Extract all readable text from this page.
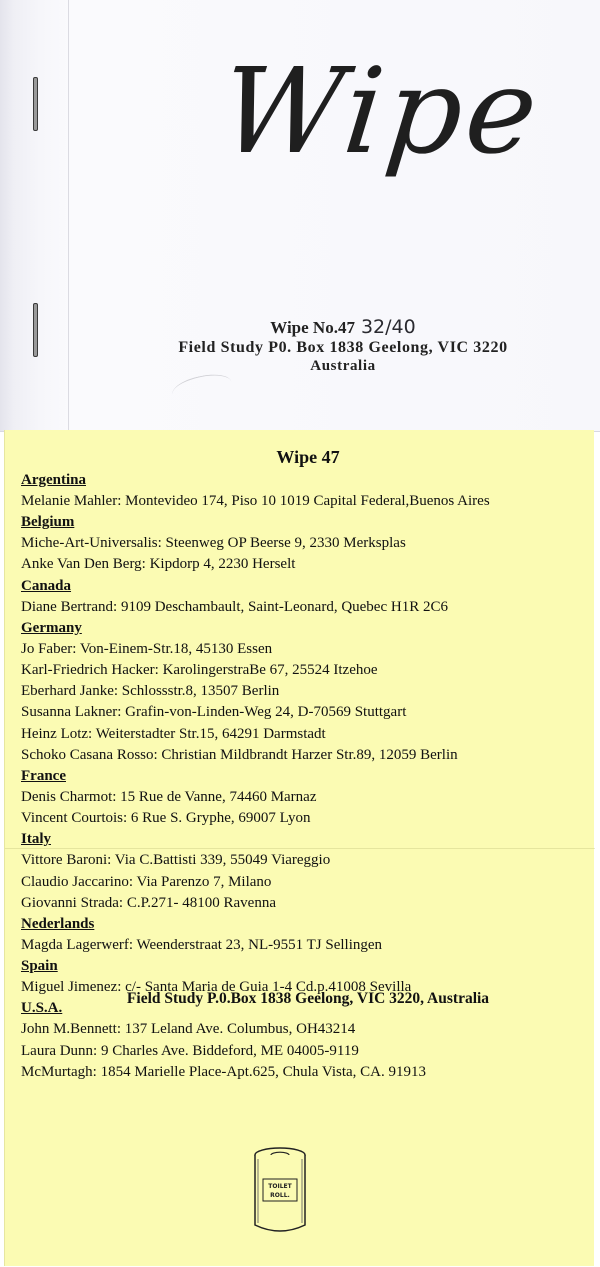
Wipe
Wipe No.47 32/40
Field Study P0. Box 1838 Geelong, VIC 3220
Australia
Wipe 47
Argentina
Melanie Mahler: Montevideo 174, Piso 10 1019 Capital Federal,Buenos Aires
Belgium
Miche-Art-Universalis: Steenweg OP Beerse 9, 2330 Merksplas
Anke Van Den Berg: Kipdorp 4, 2230 Herselt
Canada
Diane Bertrand: 9109 Deschambault, Saint-Leonard, Quebec H1R 2C6
Germany
Jo Faber: Von-Einem-Str.18, 45130 Essen
Karl-Friedrich Hacker: KarolingerstraBe 67, 25524 Itzehoe
Eberhard Janke: Schlossstr.8, 13507 Berlin
Susanna Lakner: Grafin-von-Linden-Weg 24, D-70569 Stuttgart
Heinz Lotz: Weiterstadter Str.15, 64291 Darmstadt
Schoko Casana Rosso: Christian Mildbrandt Harzer Str.89, 12059 Berlin
France
Denis Charmot: 15 Rue de Vanne, 74460 Marnaz
Vincent Courtois: 6 Rue S. Gryphe, 69007 Lyon
Italy
Vittore Baroni: Via C.Battisti 339, 55049 Viareggio
Claudio Jaccarino: Via Parenzo 7, Milano
Giovanni Strada: C.P.271- 48100 Ravenna
Nederlands
Magda Lagerwerf: Weenderstraat 23, NL-9551 TJ Sellingen
Spain
Miguel Jimenez: c/- Santa Maria de Guia 1-4 Cd.p.41008 Sevilla
U.S.A.
John M.Bennett: 137 Leland Ave. Columbus, OH43214
Laura Dunn: 9 Charles Ave. Biddeford, ME 04005-9119
McMurtagh: 1854 Marielle Place-Apt.625, Chula Vista, CA. 91913
Field Study P.0.Box 1838 Geelong, VIC 3220, Australia
TOILET
ROLL.
